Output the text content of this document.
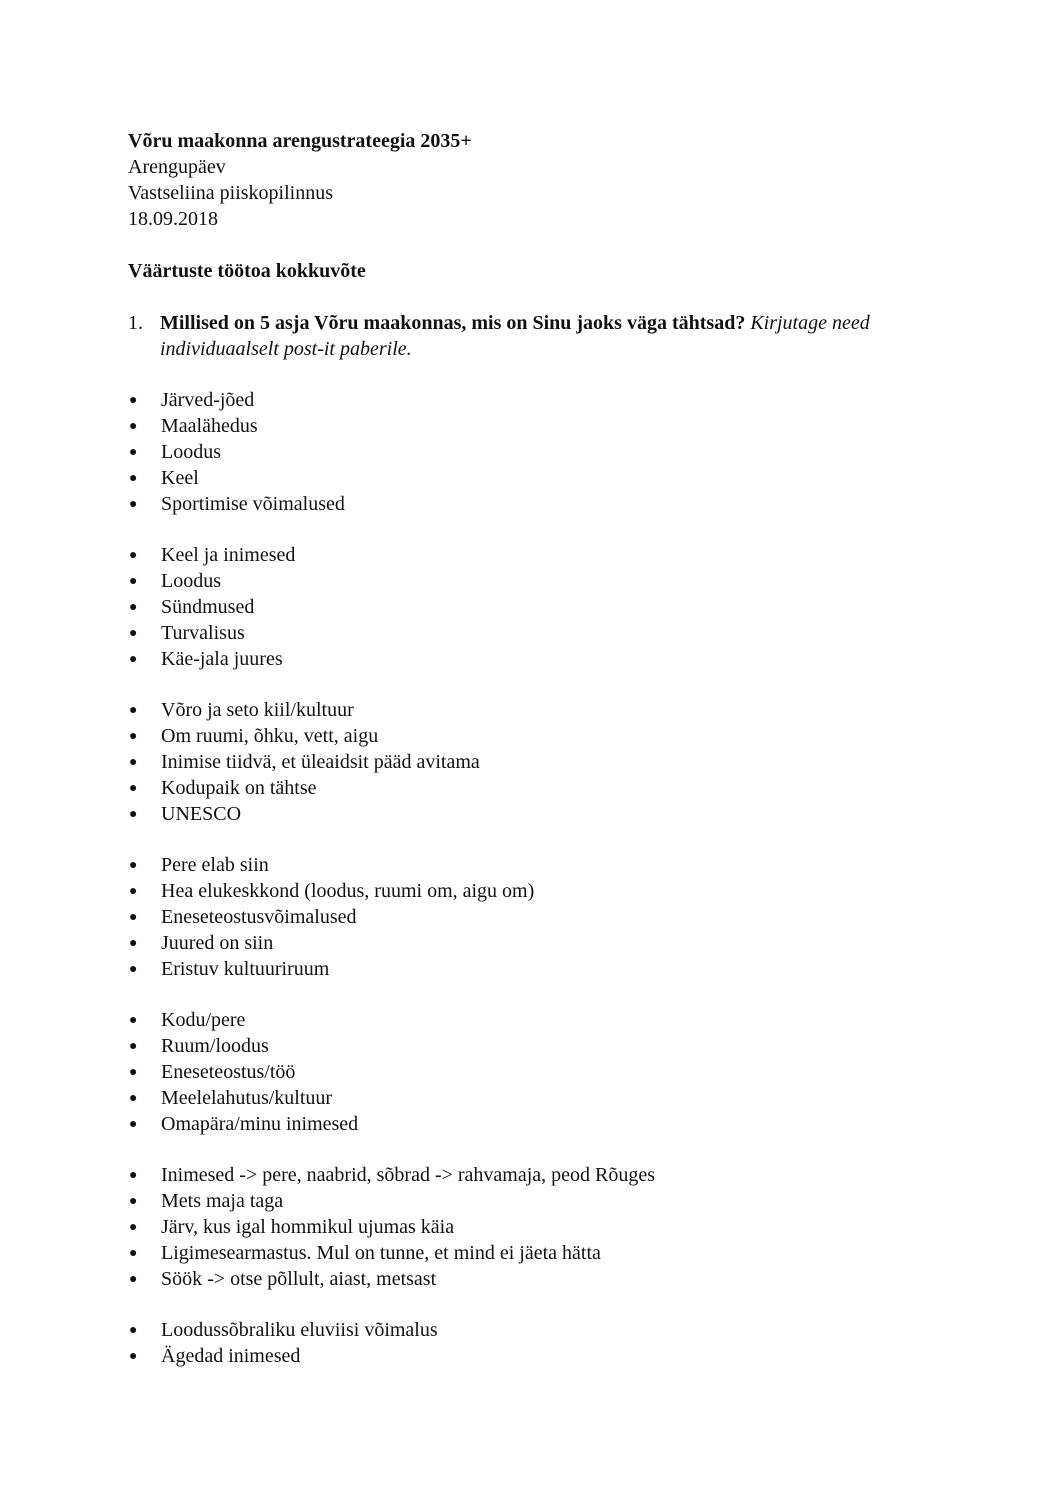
Võru maakonna arengustrateegia 2035+

Arengupäev

Vastseliina piiskopilinnus

18.09.2018

Väärtuste töötoa kokkuvõte

1. Millised on 5 asja Võru maakonnas, mis on Sinu jaoks väga tähtsad? Kirjutage need individuaalselt post-it paberile.
●	Järved-jõed
●	Maalähedus
●	Loodus
●	Keel
●	Sportimise võimalused
●	Keel ja inimesed
●	Loodus
●	Sündmused
●	Turvalisus
●	Käe-jala juures
●	Võro ja seto kiil/kultuur
●	Om ruumi, õhku, vett, aigu
●	Inimise tiidvä, et üleaidsit pääd avitama
●	Kodupaik on tähtse
●	UNESCO
●	Pere elab siin
●	Hea elukeskkond (loodus, ruumi om, aigu om)
●	Eneseteostusvõimalused
●	Juured on siin
●	Eristuv kultuuriruum
●	Kodu/pere
●	Ruum/loodus
●	Eneseteostus/töö
●	Meelelahutus/kultuur
●	Omapära/minu inimesed
●	Inimesed -> pere, naabrid, sõbrad -> rahvamaja, peod Rõuges
●	Mets maja taga
●	Järv, kus igal hommikul ujumas käia
●	Ligimesearmastus. Mul on tunne, et mind ei jäeta hätta
●	Söök -> otse põllult, aiast, metsast
●	Loodussõbraliku eluviisi võimalus
●	Ägedad inimesed
